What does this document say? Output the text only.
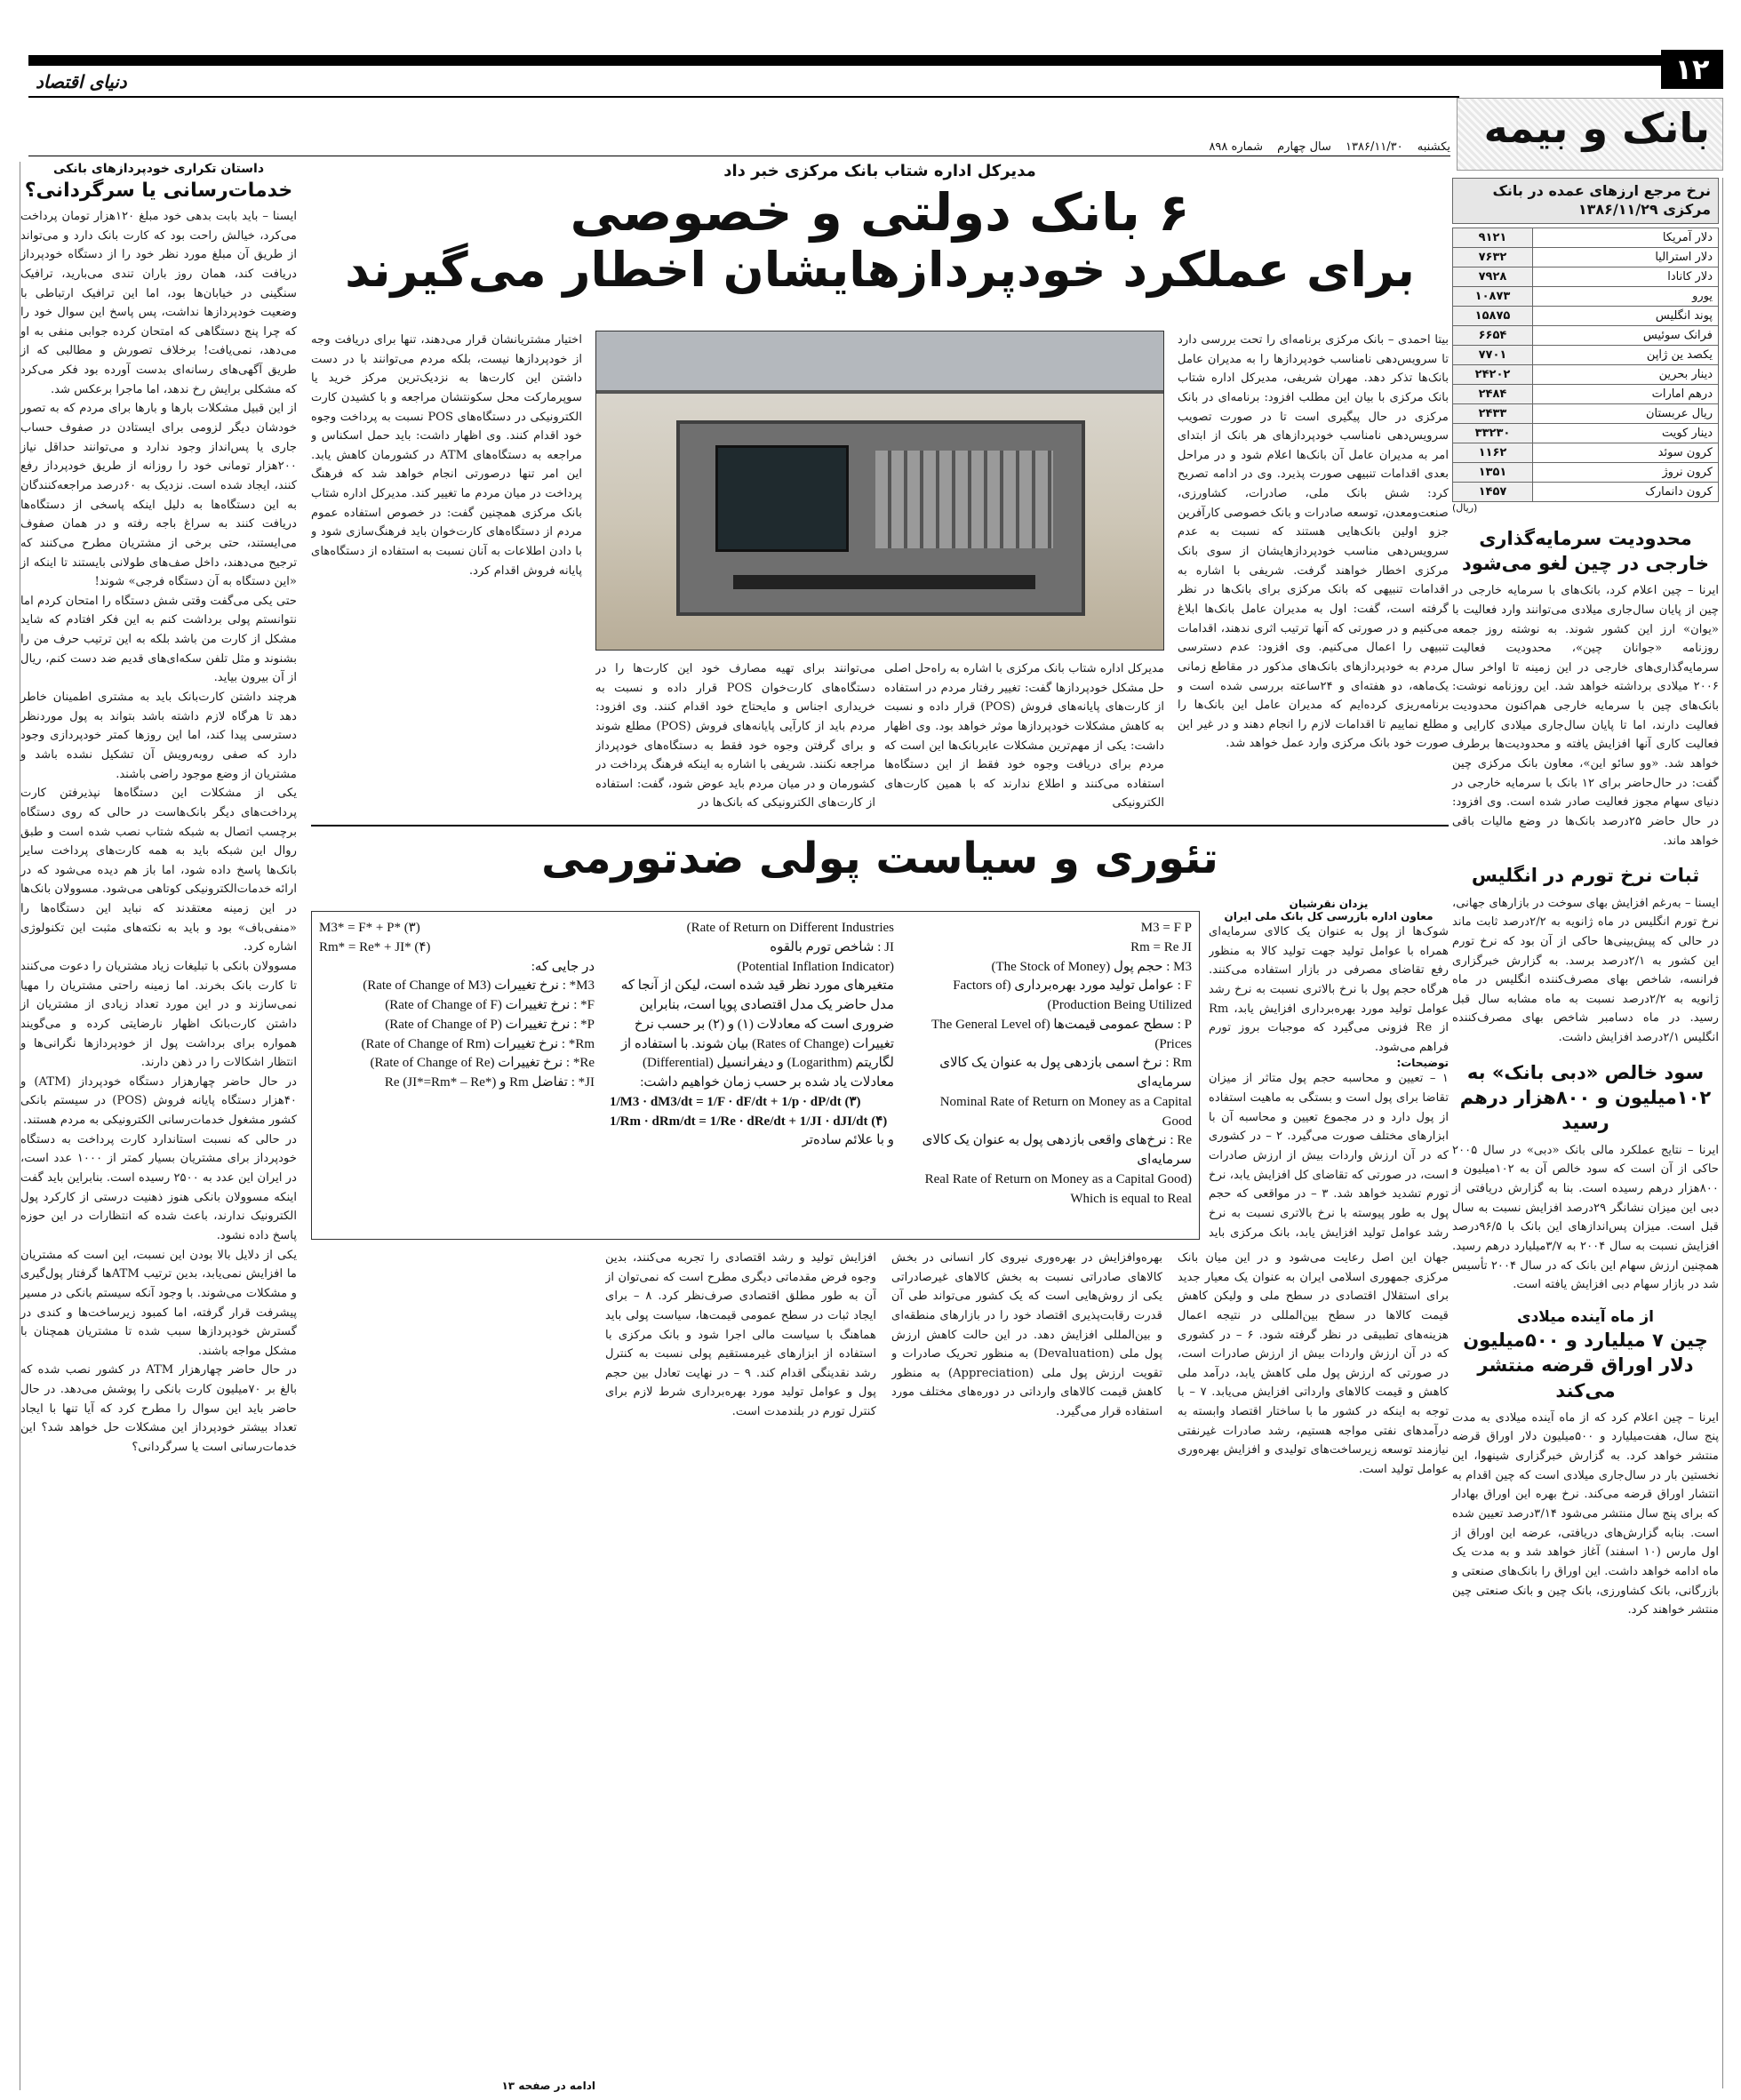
۱۲
دنیای اقتصاد
بانک و بیمه
یکشنبه ۱۳۸۶/۱۱/۳۰ سال چهارم شماره ۸۹۸
داستان تکراری خودپردازهای بانکی
خدمات‌رسانی یا سرگردانی؟

ایسنا – باید بابت بدهی خود مبلغ ۱۲۰هزار تومان پرداخت می‌کرد، خیالش راحت بود که کارت بانک دارد و می‌تواند از طریق آن مبلغ مورد نظر خود را از دستگاه خودپرداز دریافت کند، همان روز باران تندی می‌بارید، ترافیک سنگینی در خیابان‌ها بود، اما این ترافیک ارتباطی با وضعیت خودپردازها نداشت، پس پاسخ این سوال خود را که چرا پنج دستگاهی که امتحان کرده جوابی منفی به او می‌دهد، نمی‌یافت! برخلاف تصورش و مطالبی که از طریق آگهی‌های رسانه‌ای بدست آورده بود فکر می‌کرد که مشکلی برایش رخ ندهد، اما ماجرا برعکس شد.

از این قبیل مشکلات بارها و بارها برای مردم که به تصور خودشان دیگر لزومی برای ایستادن در صفوف حساب جاری یا پس‌انداز وجود ندارد و می‌توانند حداقل نیاز ۲۰۰هزار تومانی خود را روزانه از طریق خودپرداز رفع کنند، ایجاد شده است. نزدیک به ۶۰درصد مراجعه‌کنندگان به این دستگاه‌ها به دلیل اینکه پاسخی از دستگاه‌ها دریافت کنند به سراغ باجه رفته و در همان صفوف می‌ایستند، حتی برخی از مشتریان مطرح می‌کنند که ترجیح می‌دهند، داخل صف‌های طولانی بایستند تا اینکه از «این دستگاه به آن دستگاه فرجی» شوند!

حتی یکی می‌گفت وقتی شش دستگاه را امتحان کردم اما نتوانستم پولی برداشت کنم به این فکر افتادم که شاید مشکل از کارت من باشد بلکه به این ترتیب حرف من را بشنوند و مثل تلفن سکه‌ای‌های قدیم ضد دست کنم، ریال از آن بیرون بیاید.

هرچند داشتن کارت‌بانک باید به مشتری اطمینان خاطر دهد تا هرگاه لازم داشته باشد بتواند به پول موردنظر دسترسی پیدا کند، اما این روزها کمتر خودپردازی وجود دارد که صفی روبه‌رویش آن تشکیل نشده باشد و مشتریان از وضع موجود راضی باشند.

یکی از مشکلات این دستگاه‌ها نپذیرفتن کارت پرداخت‌های دیگر بانک‌هاست در حالی که روی دستگاه برچسب اتصال به شبکه شتاب نصب شده است و طبق روال این شبکه باید به همه کارت‌های پرداخت سایر بانک‌ها پاسخ داده شود، اما باز هم دیده می‌شود که در ارائه خدمات‌الکترونیکی کوتاهی می‌شود. مسوولان بانک‌ها در این زمینه معتقدند که نباید این دستگاه‌ها را «منفی‌باف» بود و باید به نکته‌های مثبت این تکنولوژی اشاره کرد.

مسوولان بانکی با تبلیغات زیاد مشتریان را دعوت می‌کنند تا کارت بانک بخرند. اما زمینه راحتی مشتریان را مهیا نمی‌سازند و در این مورد تعداد زیادی از مشتریان از داشتن کارت‌بانک اظهار نارضایتی کرده و می‌گویند همواره برای برداشت پول از خودپردازها نگرانی‌ها و انتظار اشکالات را در ذهن دارند.

در حال حاضر چهارهزار دستگاه خودپرداز (ATM) و ۴۰هزار دستگاه پایانه فروش (POS) در سیستم بانکی کشور مشغول خدمات‌رسانی الکترونیکی به مردم هستند.

در حالی که نسبت استاندارد کارت پرداخت به دستگاه خودپرداز برای مشتریان بسیار کمتر از ۱۰۰۰ عدد است، در ایران این عدد به ۲۵۰۰ رسیده است. بنابراین باید گفت اینکه مسوولان بانکی هنوز ذهنیت درستی از کارکرد پول الکترونیک ندارند، باعث شده که انتظارات در این حوزه پاسخ داده نشود.

یکی از دلایل بالا بودن این نسبت، این است که مشتریان ما افزایش نمی‌یابد، بدین ترتیب ATM‌ها گرفتار پول‌گیری و مشکلات می‌شوند. با وجود آنکه سیستم بانکی در مسیر پیشرفت قرار گرفته، اما کمبود زیرساخت‌ها و کندی در گسترش خودپردازها سبب شده تا مشتریان همچنان با مشکل مواجه باشند.

در حال حاضر چهارهزار ATM در کشور نصب شده که بالغ بر ۷۰میلیون کارت بانکی را پوشش می‌دهد. در حال حاضر باید این سوال را مطرح کرد که آیا تنها با ایجاد تعداد بیشتر خودپرداز این مشکلات حل خواهد شد؟ این خدمات‌رسانی است یا سرگردانی؟

مدیرکل اداره شتاب بانک مرکزی خبر داد
۶ بانک دولتی و خصوصی
برای عملکرد خودپردازهایشان اخطار می‌گیرند
بیتا احمدی – بانک مرکزی برنامه‌ای را تحت بررسی دارد تا سرویس‌دهی نامناسب خودپردازها را به مدیران عامل بانک‌ها تذکر دهد. مهران شریفی، مدیرکل اداره شتاب بانک مرکزی با بیان این مطلب افزود: برنامه‌ای در بانک مرکزی در حال پیگیری است تا در صورت تصویب سرویس‌دهی نامناسب خودپردازهای هر بانک از ابتدای امر به مدیران عامل آن بانک‌ها اعلام شود و در مراحل بعدی اقدامات تنبیهی صورت پذیرد. وی در ادامه تصریح کرد: شش بانک ملی، صادرات، کشاورزی، صنعت‌ومعدن، توسعه صادرات و بانک خصوصی کارآفرین جزو اولین بانک‌هایی هستند که نسبت به عدم سرویس‌دهی مناسب خودپردازهایشان از سوی بانک مرکزی اخطار خواهند گرفت. شریفی با اشاره به اقدامات تنبیهی که بانک مرکزی برای بانک‌ها در نظر گرفته است، گفت: اول به مدیران عامل بانک‌ها ابلاغ می‌کنیم و در صورتی که آنها ترتیب اثری ندهند، اقدامات تنبیهی را اعمال می‌کنیم. وی افزود: عدم دسترسی مردم به خودپردازهای بانک‌های مذکور در مقاطع زمانی یک‌ماهه، دو هفته‌ای و ۲۴ساعته بررسی شده است و برنامه‌ریزی کرده‌ایم که مدیران عامل این بانک‌ها را مطلع نماییم تا اقدامات لازم را انجام دهند و در غیر این صورت خود بانک مرکزی وارد عمل خواهد شد.
اختیار مشتریانشان قرار می‌دهند، تنها برای دریافت وجه از خودپردازها نیست، بلکه مردم می‌توانند با در دست داشتن این کارت‌ها به نزدیک‌ترین مرکز خرید یا سوپرمارکت محل سکونتشان مراجعه و با کشیدن کارت الکترونیکی در دستگاه‌های POS نسبت به پرداخت وجوه خود اقدام کنند. وی اظهار داشت: باید حمل اسکناس و مراجعه به دستگاه‌های ATM در کشورمان کاهش یابد. این امر تنها درصورتی انجام خواهد شد که فرهنگ پرداخت در میان مردم ما تغییر کند. مدیرکل اداره شتاب بانک مرکزی همچنین گفت: در خصوص استفاده عموم مردم از دستگاه‌های کارت‌خوان باید فرهنگ‌سازی شود و با دادن اطلاعات به آنان نسبت به استفاده از دستگاه‌های پایانه فروش اقدام کرد.
می‌توانند برای تهیه مصارف خود این کارت‌ها را در دستگاه‌های کارت‌خوان POS قرار داده و نسبت به خریداری اجناس و مایحتاج خود اقدام کنند. وی افزود: مردم باید از کارآیی پایانه‌های فروش (POS) مطلع شوند و برای گرفتن وجوه خود فقط به دستگاه‌های خودپرداز مراجعه نکنند. شریفی با اشاره به اینکه فرهنگ پرداخت در کشورمان و در میان مردم باید عوض شود، گفت: استفاده از کارت‌های الکترونیکی که بانک‌ها در
مدیرکل اداره شتاب بانک مرکزی با اشاره به راه‌حل اصلی حل مشکل خودپردازها گفت: تغییر رفتار مردم در استفاده از کارت‌های پایانه‌های فروش (POS) قرار داده و نسبت به کاهش مشکلات خودپردازها موثر خواهد بود. وی اظهار داشت: یکی از مهم‌ترین مشکلات عابربانک‌ها این است که مردم برای دریافت وجوه خود فقط از این دستگاه‌ها استفاده می‌کنند و اطلاع ندارند که با همین کارت‌های الکترونیکی
تئوری و سیاست پولی ضدتورمی
یزدان نقرشیان
معاون اداره بازرسی کل بانک ملی ایران
شوک‌ها از پول به عنوان یک کالای سرمایه‌ای همراه با عوامل تولید جهت تولید کالا به منظور رفع تقاضای مصرفی در بازار استفاده می‌کنند. هرگاه حجم پول با نرخ بالاتری نسبت به نرخ رشد عوامل تولید مورد بهره‌برداری افزایش یابد، Rm از Re فزونی می‌گیرد که موجبات بروز تورم فراهم می‌شود.
توضیحات:
۱ – تعیین و محاسبه حجم پول متاثر از میزان تقاضا برای پول است و بستگی به ماهیت استفاده از پول دارد و در مجموع تعیین و محاسبه آن با ابزارهای مختلف صورت می‌گیرد. ۲ – در کشوری که در آن ارزش واردات بیش از ارزش صادرات است، در صورتی که تقاضای کل افزایش یابد، نرخ تورم تشدید خواهد شد. ۳ – در مواقعی که حجم پول به طور پیوسته با نرخ بالاتری نسبت به نرخ رشد عوامل تولید افزایش یابد، بانک مرکزی باید
M3 = F P
Rm = Re JI
M3 : حجم پول (The Stock of Money)
F : عوامل تولید مورد بهره‌برداری (Factors of Production Being Utilized)
P : سطح عمومی قیمت‌ها (The General Level of Prices)
Rm : نرخ اسمی بازدهی پول به عنوان یک کالای سرمایه‌ای
Nominal Rate of Return on Money as a Capital Good
Re : نرخ‌های واقعی بازدهی پول به عنوان یک کالای سرمایه‌ای
(Real Rate of Return on Money as a Capital Good Which is equal to Real
Rate of Return on Different Industries)
JI : شاخص تورم بالقوه
(Potential Inflation Indicator)
متغیرهای مورد نظر قید شده است، لیکن از آنجا که مدل حاضر یک مدل اقتصادی پویا است، بنابراین ضروری است که معادلات (۱) و (۲) بر حسب نرخ تغییرات (Rates of Change) بیان شوند. با استفاده از لگاریتم (Logarithm) و دیفرانسیل (Differential) معادلات یاد شده بر حسب زمان خواهیم داشت:
1/M3 · dM3/dt = 1/F · dF/dt + 1/p · dP/dt (۳)
1/Rm · dRm/dt = 1/Re · dRe/dt + 1/JI · dJI/dt (۴)
و با علائم سادەتر
M3* = F* + P* (۳)
Rm* = Re* + JI* (۴)
در جایی که:
M3* : نرخ تغییرات (Rate of Change of M3)
F* : نرخ تغییرات (Rate of Change of F)
P* : نرخ تغییرات (Rate of Change of P)
Rm* : نرخ تغییرات (Rate of Change of Rm)
Re* : نرخ تغییرات (Rate of Change of Re)
JI* : تفاضل Rm و Re (JI*=Rm* – Re*)
جهان این اصل رعایت می‌شود و در این میان بانک مرکزی جمهوری اسلامی ایران به عنوان یک معیار جدید برای استقلال اقتصادی در سطح ملی و ولیکن کاهش قیمت کالاها در سطح بین‌المللی در نتیجه اعمال هزینه‌های تطبیقی در نظر گرفته شود. ۶ – در کشوری که در آن ارزش واردات بیش از ارزش صادرات است، در صورتی که ارزش پول ملی کاهش یابد، درآمد ملی کاهش و قیمت کالاهای وارداتی افزایش می‌یابد. ۷ – با توجه به اینکه در کشور ما با ساختار اقتصاد وابسته به درآمدهای نفتی مواجه هستیم، رشد صادرات غیرنفتی نیازمند توسعه زیرساخت‌های تولیدی و افزایش بهره‌وری عوامل تولید است.
بهره‌وافزایش در بهره‌وری نیروی کار انسانی در بخش کالاهای صادراتی نسبت به بخش کالاهای غیرصادراتی یکی از روش‌هایی است که یک کشور می‌تواند طی آن قدرت رقابت‌پذیری اقتصاد خود را در بازارهای منطقه‌ای و بین‌المللی افزایش دهد. در این حالت کاهش ارزش پول ملی (Devaluation) به منظور تحریک صادرات و تقویت ارزش پول ملی (Appreciation) به منظور کاهش قیمت کالاهای وارداتی در دوره‌های مختلف مورد استفاده قرار می‌گیرد.
افزایش تولید و رشد اقتصادی را تجربه می‌کنند، بدین وجوه فرض مقدماتی دیگری مطرح است که نمی‌توان از آن به طور مطلق اقتصادی صرف‌نظر کرد. ۸ – برای ایجاد ثبات در سطح عمومی قیمت‌ها، سیاست پولی باید هماهنگ با سیاست مالی اجرا شود و بانک مرکزی با استفاده از ابزارهای غیرمستقیم پولی نسبت به کنترل رشد نقدینگی اقدام کند. ۹ – در نهایت تعادل بین حجم پول و عوامل تولید مورد بهره‌برداری شرط لازم برای کنترل تورم در بلندمدت است.
ادامه در صفحه ۱۳
نرخ مرجع ارزهای عمده در بانک مرکزی ۱۳۸۶/۱۱/۲۹
دلار آمریکا	۹۱۲۱
دلار استرالیا	۷۶۳۲
دلار کانادا	۷۹۲۸
یورو	۱۰۸۷۳
پوند انگلیس	۱۵۸۷۵
فرانک سوئیس	۶۶۵۴
یکصد ین ژاپن	۷۷۰۱
دینار بحرین	۲۴۲۰۲
درهم امارات	۲۴۸۴
ریال عربستان	۲۴۳۳
دینار کویت	۳۳۲۳۰
کرون سوئد	۱۱۶۲
کرون نروژ	۱۳۵۱
کرون دانمارک	۱۴۵۷
(ریال)
محدودیت سرمایه‌گذاری خارجی در چین لغو می‌شود
ایرنا – چین اعلام کرد، بانک‌های با سرمایه خارجی در چین از پایان سال‌جاری میلادی می‌توانند وارد فعالیت با «یوان» ارز این کشور شوند. به نوشته روز جمعه روزنامه «جوانان چین»، محدودیت فعالیت سرمایه‌گذاری‌های خارجی در این زمینه تا اواخر سال ۲۰۰۶ میلادی برداشته خواهد شد. این روزنامه نوشت: بانک‌های چین با سرمایه خارجی هم‌اکنون محدودیت فعالیت دارند، اما تا پایان سال‌جاری میلادی کارایی و فعالیت کاری آنها افزایش یافته و محدودیت‌ها برطرف خواهد شد. «وو سائو این»، معاون بانک مرکزی چین گفت: در حال‌حاضر برای ۱۲ بانک با سرمایه خارجی در دنیای سهام مجوز فعالیت صادر شده است. وی افزود: در حال حاضر ۲۵درصد بانک‌ها در وضع مالیات باقی خواهد ماند.
ثبات نرخ تورم در انگلیس
ایسنا – به‌رغم افزایش بهای سوخت در بازارهای جهانی، نرخ تورم انگلیس در ماه ژانویه به ۲/۲درصد ثابت ماند در حالی که پیش‌بینی‌ها حاکی از آن بود که نرخ تورم این کشور به ۲/۱درصد برسد. به گزارش خبرگزاری فرانسه، شاخص بهای مصرف‌کننده انگلیس در ماه ژانویه به ۲/۲درصد نسبت به ماه مشابه سال قبل رسید. در ماه دسامبر شاخص بهای مصرف‌کننده انگلیس ۲/۱درصد افزایش داشت.
سود خالص «دبی بانک» به ۱۰۲میلیون و ۸۰۰هزار درهم رسید
ایرنا – نتایج عملکرد مالی بانک «دبی» در سال ۲۰۰۵ حاکی از آن است که سود خالص آن به ۱۰۲میلیون و ۸۰۰هزار درهم رسیده است. بنا به گزارش دریافتی از دبی این میزان نشانگر ۲۹درصد افزایش نسبت به سال قبل است. میزان پس‌اندازهای این بانک با ۹۶/۵درصد افزایش نسبت به سال ۲۰۰۴ به ۳/۷میلیارد درهم رسید. همچنین ارزش سهام این بانک که در سال ۲۰۰۴ تأسیس شد در بازار سهام دبی افزایش یافته است.
از ماه آینده میلادی
چین ۷ میلیارد و ۵۰۰میلیون دلار اوراق قرضه منتشر می‌کند
ایرنا – چین اعلام کرد که از ماه آینده میلادی به مدت پنج سال، هفت‌میلیارد و ۵۰۰میلیون دلار اوراق قرضه منتشر خواهد کرد. به گزارش خبرگزاری شینهوا، این نخستین بار در سال‌جاری میلادی است که چین اقدام به انتشار اوراق قرضه می‌کند. نرخ بهره این اوراق بهادار که برای پنج سال منتشر می‌شود ۳/۱۴درصد تعیین شده است. بنابه گزارش‌های دریافتی، عرضه این اوراق از اول مارس (۱۰ اسفند) آغاز خواهد شد و به مدت یک ماه ادامه خواهد داشت. این اوراق را بانک‌های صنعتی و بازرگانی، بانک کشاورزی، بانک چین و بانک صنعتی چین منتشر خواهند کرد.
